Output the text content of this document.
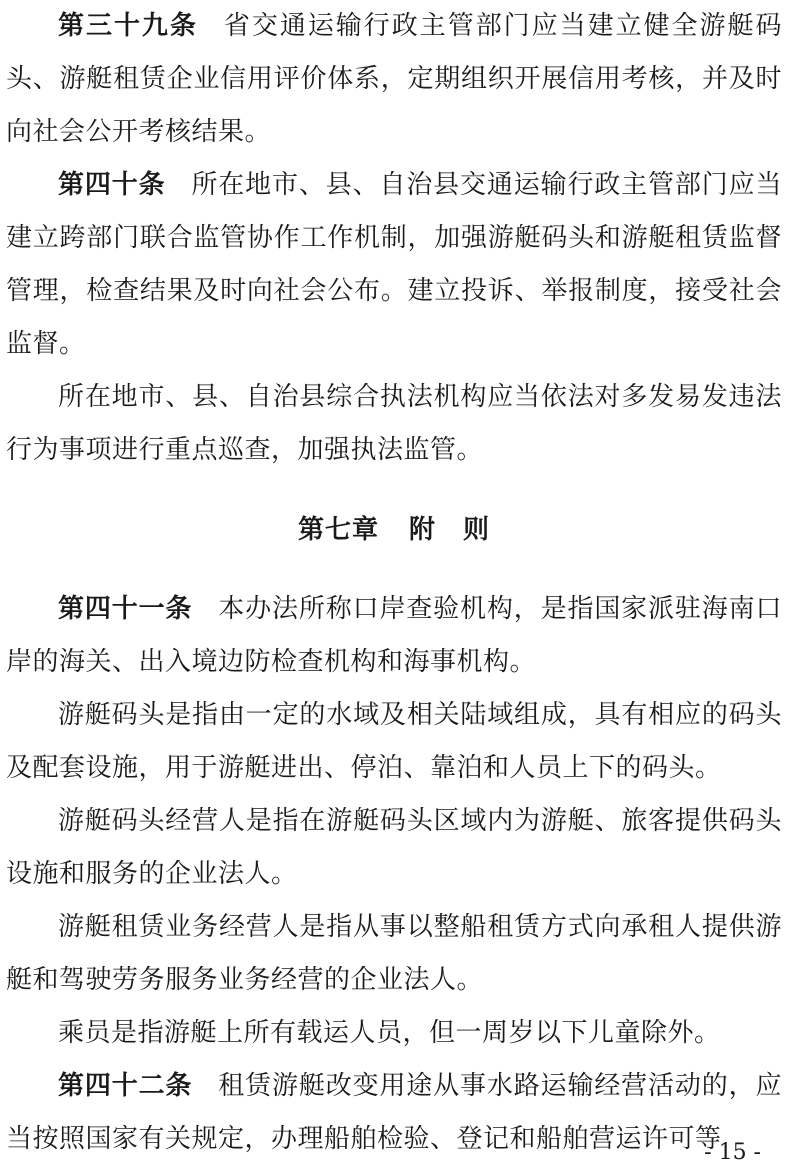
第三十九条 省交通运输行政主管部门应当建立健全游艇码头、游艇租赁企业信用评价体系，定期组织开展信用考核，并及时向社会公开考核结果。

第四十条 所在地市、县、自治县交通运输行政主管部门应当建立跨部门联合监管协作工作机制，加强游艇码头和游艇租赁监督管理，检查结果及时向社会公布。建立投诉、举报制度，接受社会监督。

所在地市、县、自治县综合执法机构应当依法对多发易发违法行为事项进行重点巡查，加强执法监管。

第七章 附　则

第四十一条 本办法所称口岸查验机构，是指国家派驻海南口岸的海关、出入境边防检查机构和海事机构。

游艇码头是指由一定的水域及相关陆域组成，具有相应的码头及配套设施，用于游艇进出、停泊、靠泊和人员上下的码头。

游艇码头经营人是指在游艇码头区域内为游艇、旅客提供码头设施和服务的企业法人。

游艇租赁业务经营人是指从事以整船租赁方式向承租人提供游艇和驾驶劳务服务业务经营的企业法人。

乘员是指游艇上所有载运人员，但一周岁以下儿童除外。

第四十二条 租赁游艇改变用途从事水路运输经营活动的，应当按照国家有关规定，办理船舶检验、登记和船舶营运许可等

- 15 -
